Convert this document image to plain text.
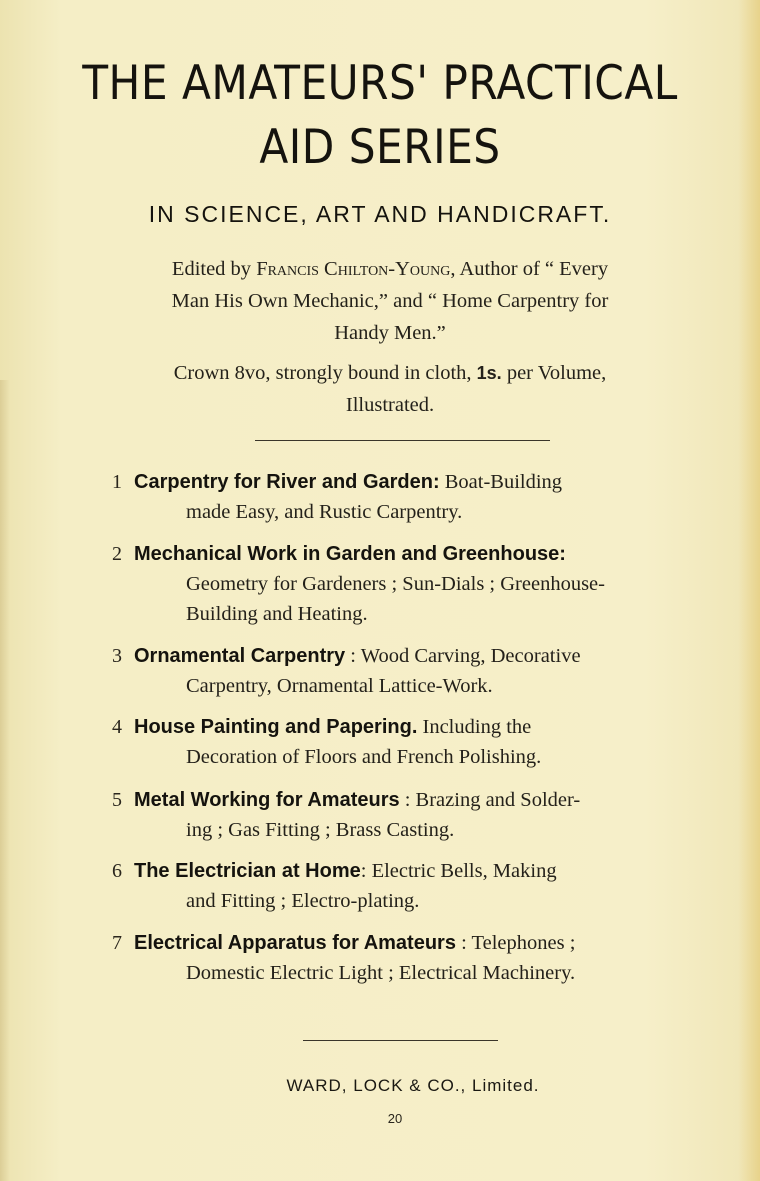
THE AMATEURS' PRACTICAL
AID SERIES
IN SCIENCE, ART AND HANDICRAFT.
Edited by Francis Chilton-Young, Author of “ Every
Man His Own Mechanic,” and “ Home Carpentry for
Handy Men.”
Crown 8vo, strongly bound in cloth, 1s. per Volume,
Illustrated.
1 Carpentry for River and Garden: Boat-Building

made Easy, and Rustic Carpentry.
2 Mechanical Work in Garden and Greenhouse:

Geometry for Gardeners ; Sun-Dials ; Greenhouse-
Building and Heating.
3 Ornamental Carpentry : Wood Carving, Decorative

Carpentry, Ornamental Lattice-Work.
4 House Painting and Papering. Including the

Decoration of Floors and French Polishing.
5 Metal Working for Amateurs : Brazing and Solder-

ing ; Gas Fitting ; Brass Casting.
6 The Electrician at Home: Electric Bells, Making

and Fitting ; Electro-plating.
7 Electrical Apparatus for Amateurs : Telephones ;

Domestic Electric Light ; Electrical Machinery.
WARD, LOCK & CO., Limited.
20
